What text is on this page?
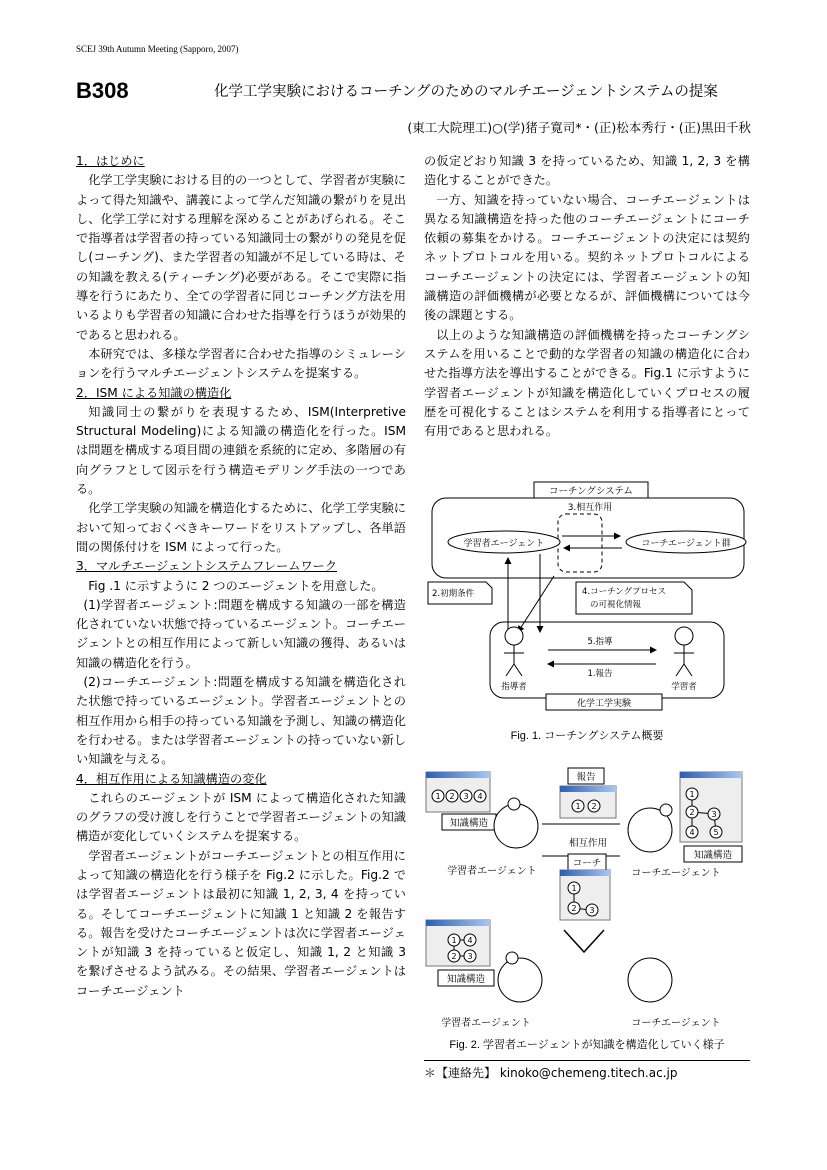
SCEJ 39th Autumn Meeting (Sapporo, 2007)
B308	化学工学実験におけるコーチングのためのマルチエージェントシステムの提案
(東工大院理工)○(学)猪子寛司*・(正)松本秀行・(正)黒田千秋
1．はじめに

化学工学実験における目的の一つとして、学習者が実験によって得た知識や、講義によって学んだ知識の繋がりを見出し、化学工学に対する理解を深めることがあげられる。そこで指導者は学習者の持っている知識同士の繋がりの発見を促し(コーチング)、また学習者の知識が不足している時は、その知識を教える(ティーチング)必要がある。そこで実際に指導を行うにあたり、全ての学習者に同じコーチング方法を用いるよりも学習者の知識に合わせた指導を行うほうが効果的であると思われる。

本研究では、多様な学習者に合わせた指導のシミュレーションを行うマルチエージェントシステムを提案する。

2．ISM による知識の構造化

知識同士の繋がりを表現するため、ISM(Interpretive Structural Modeling)による知識の構造化を行った。ISM は問題を構成する項目間の連鎖を系統的に定め、多階層の有向グラフとして図示を行う構造モデリング手法の一つである。

化学工学実験の知識を構造化するために、化学工学実験において知っておくべきキーワードをリストアップし、各単語間の関係付けを ISM によって行った。

3．マルチエージェントシステムフレームワーク

Fig .1 に示すように 2 つのエージェントを用意した。

(1)学習者エージェント:問題を構成する知識の一部を構造化されていない状態で持っているエージェント。コーチエージェントとの相互作用によって新しい知識の獲得、あるいは知識の構造化を行う。

(2)コーチエージェント:問題を構成する知識を構造化された状態で持っているエージェント。学習者エージェントとの相互作用から相手の持っている知識を予測し、知識の構造化を行わせる。または学習者エージェントの持っていない新しい知識を与える。

4．相互作用による知識構造の変化

これらのエージェントが ISM によって構造化された知識のグラフの受け渡しを行うことで学習者エージェントの知識構造が変化していくシステムを提案する。

学習者エージェントがコーチエージェントとの相互作用によって知識の構造化を行う様子を Fig.2 に示した。Fig.2 では学習者エージェントは最初に知識 1, 2, 3, 4 を持っている。そしてコーチエージェントに知識 1 と知識 2 を報告する。報告を受けたコーチエージェントは次に学習者エージェントが知識 3 を持っていると仮定し、知識 1, 2 と知識 3 を繋げさせるよう試みる。その結果、学習者エージェントはコーチエージェント

の仮定どおり知識 3 を持っているため、知識 1, 2, 3 を構造化することができた。

一方、知識を持っていない場合、コーチエージェントは異なる知識構造を持った他のコーチエージェントにコーチ依頼の募集をかける。コーチエージェントの決定には契約ネットプロトコルを用いる。契約ネットプロトコルによるコーチエージェントの決定には、学習者エージェントの知識構造の評価機構が必要となるが、評価機構については今後の課題とする。

以上のような知識構造の評価機構を持ったコーチングシステムを用いることで動的な学習者の知識の構造化に合わせた指導方法を導出することができる。Fig.1 に示すように学習者エージェントが知識を構造化していくプロセスの履歴を可視化することはシステムを利用する指導者にとって有用であると思われる。

コーチングシステム
3.相互作用
学習者エージェント	コーチエージェント群
2.初期条件	4.コーチングプロセス
の可視化情報
化学工学実験
指導者	学習者
5.指導
1.報告
Fig. 1. コーチングシステム概要
1 2 3 4
知識構造
学習者エージェント
報告
1 2
相互作用
コーチ
1
2 3
コーチエージェント
1
2 3
4 5
知識構造
1 4
2 3
知識構造
学習者エージェント	コーチエージェント
Fig. 2. 学習者エージェントが知識を構造化していく様子
＊【連絡先】 kinoko@chemeng.titech.ac.jp
